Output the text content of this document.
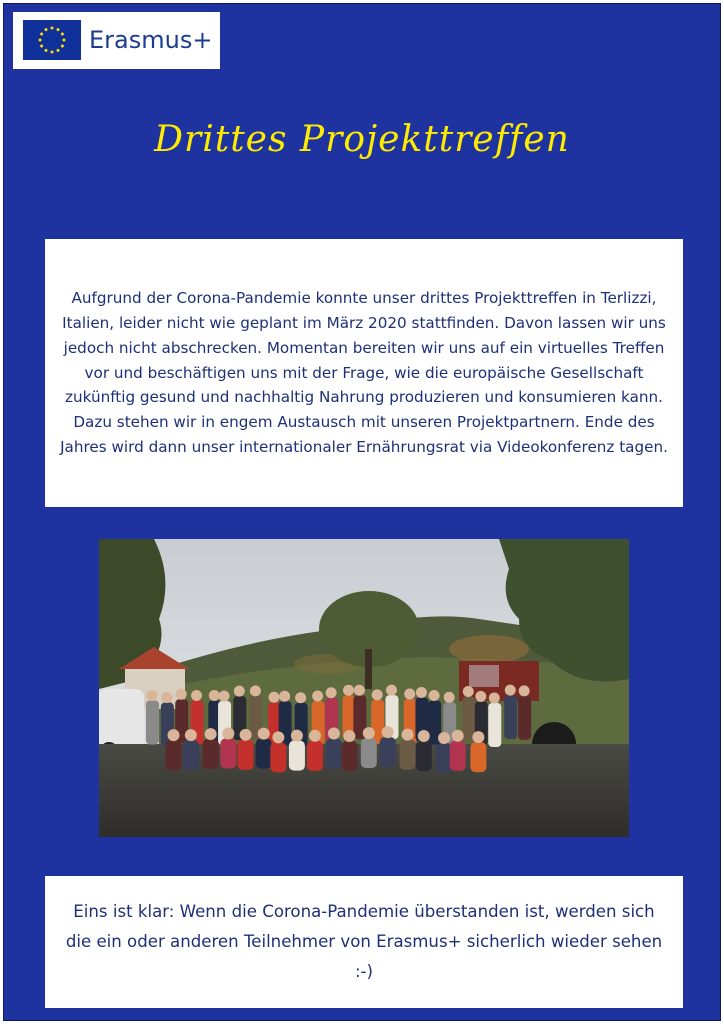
Erasmus+
Drittes Projekttreffen

Aufgrund der Corona-Pandemie konnte unser drittes Projekttreffen in Terlizzi, Italien, leider nicht wie geplant im März 2020 stattfinden. Davon lassen wir uns jedoch nicht abschrecken. Momentan bereiten wir uns auf ein virtuelles Treffen vor und beschäftigen uns mit der Frage, wie die europäische Gesellschaft zukünftig gesund und nachhaltig Nahrung produzieren und konsumieren kann. Dazu stehen wir in engem Austausch mit unseren Projektpartnern. Ende des Jahres wird dann unser internationaler Ernährungsrat via Videokonferenz tagen.

Eins ist klar: Wenn die Corona-Pandemie überstanden ist, werden sich die ein oder anderen Teilnehmer von Erasmus+ sicherlich wieder sehen :-)
